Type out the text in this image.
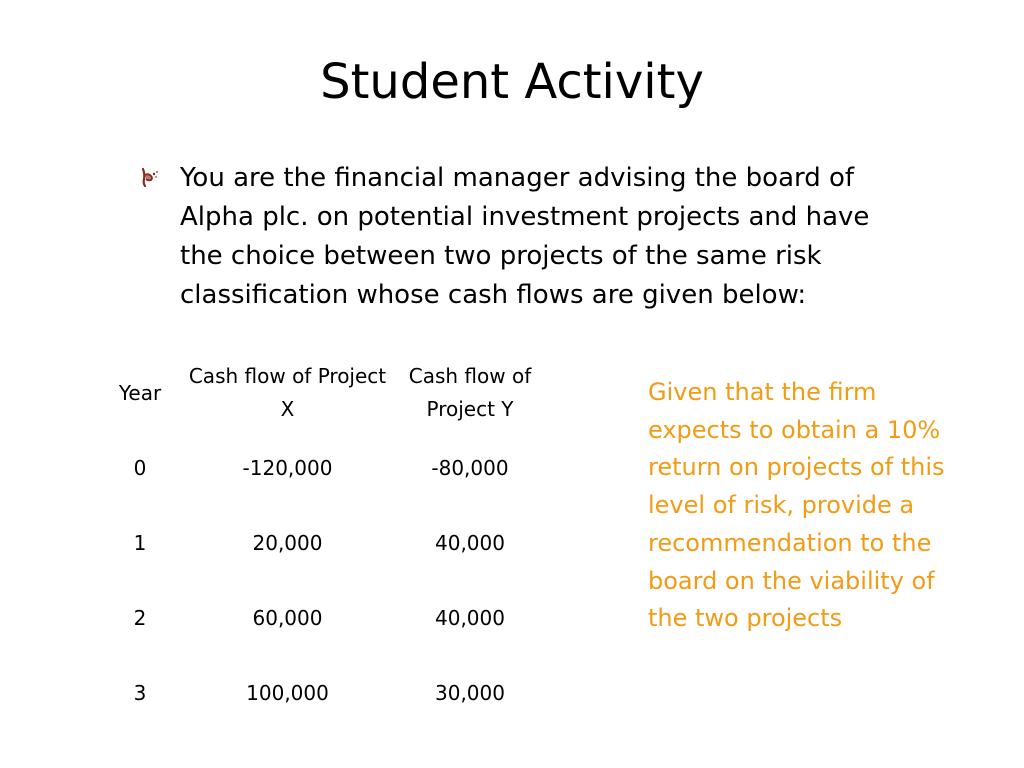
Student Activity
You are the financial manager advising the board of Alpha plc. on potential investment projects and have the choice between two projects of the same risk classification whose cash flows are given below:
Year	Cash flow of Project X	Cash flow of Project Y
0	-120,000	-80,000
1	20,000	40,000
2	60,000	40,000
3	100,000	30,000
Given that the firm expects to obtain a 10% return on projects of this level of risk, provide a recommendation to the board on the viability of the two projects
